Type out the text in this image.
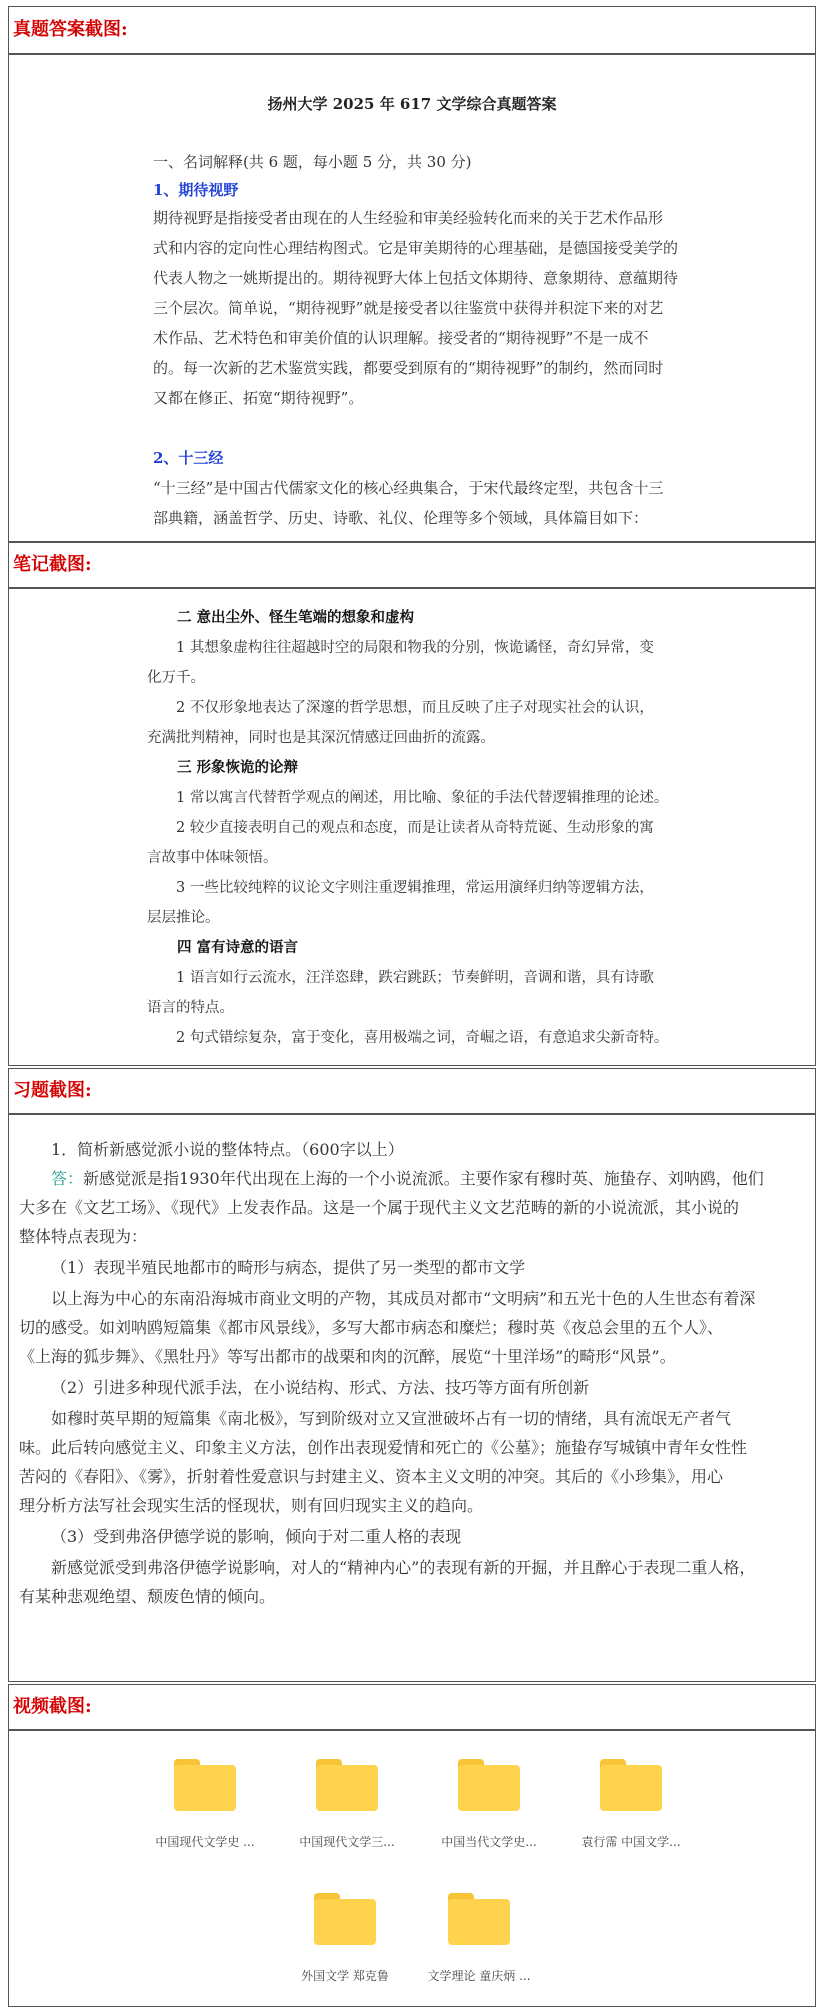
真题答案截图:
扬州大学 2025 年 617 文学综合真题答案
一、名词解释(共 6 题，每小题 5 分，共 30 分)
1、期待视野
期待视野是指接受者由现在的人生经验和审美经验转化而来的关于艺术作品形
式和内容的定向性心理结构图式。它是审美期待的心理基础，是德国接受美学的
代表人物之一姚斯提出的。期待视野大体上包括文体期待、意象期待、意蕴期待
三个层次。简单说，“期待视野”就是接受者以往鉴赏中获得并积淀下来的对艺
术作品、艺术特色和审美价值的认识理解。接受者的“期待视野”不是一成不
的。每一次新的艺术鉴赏实践，都要受到原有的“期待视野”的制约，然而同时
又都在修正、拓宽“期待视野”。
2、十三经
“十三经”是中国古代儒家文化的核心经典集合，于宋代最终定型，共包含十三
部典籍，涵盖哲学、历史、诗歌、礼仪、伦理等多个领域，具体篇目如下：
笔记截图:
二 意出尘外、怪生笔端的想象和虚构
1 其想象虚构往往超越时空的局限和物我的分别，恢诡谲怪，奇幻异常，变
化万千。
2 不仅形象地表达了深邃的哲学思想，而且反映了庄子对现实社会的认识，
充满批判精神，同时也是其深沉情感迂回曲折的流露。
三 形象恢诡的论辩
1 常以寓言代替哲学观点的阐述，用比喻、象征的手法代替逻辑推理的论述。
2 较少直接表明自己的观点和态度，而是让读者从奇特荒诞、生动形象的寓
言故事中体味领悟。
3 一些比较纯粹的议论文字则注重逻辑推理，常运用演绎归纳等逻辑方法，
层层推论。
四 富有诗意的语言
1 语言如行云流水，汪洋恣肆，跌宕跳跃；节奏鲜明，音调和谐，具有诗歌
语言的特点。
2 句式错综复杂，富于变化，喜用极端之词，奇崛之语，有意追求尖新奇特。
习题截图:
1．简析新感觉派小说的整体特点。（600字以上）
答：新感觉派是指1930年代出现在上海的一个小说流派。主要作家有穆时英、施蛰存、刘呐鸥，他们
大多在《文艺工场》、《现代》上发表作品。这是一个属于现代主义文艺范畴的新的小说流派，其小说的
整体特点表现为：
（1）表现半殖民地都市的畸形与病态，提供了另一类型的都市文学
以上海为中心的东南沿海城市商业文明的产物，其成员对都市“文明病”和五光十色的人生世态有着深
切的感受。如刘呐鸥短篇集《都市风景线》，多写大都市病态和糜烂；穆时英《夜总会里的五个人》、
《上海的狐步舞》、《黑牡丹》等写出都市的战栗和肉的沉醉，展览“十里洋场”的畸形“风景”。
（2）引进多种现代派手法，在小说结构、形式、方法、技巧等方面有所创新
如穆时英早期的短篇集《南北极》，写到阶级对立又宣泄破坏占有一切的情绪，具有流氓无产者气
味。此后转向感觉主义、印象主义方法，创作出表现爱情和死亡的《公墓》；施蛰存写城镇中青年女性性
苦闷的《春阳》、《雾》，折射着性爱意识与封建主义、资本主义文明的冲突。其后的《小珍集》，用心
理分析方法写社会现实生活的怪现状，则有回归现实主义的趋向。
（3）受到弗洛伊德学说的影响，倾向于对二重人格的表现
新感觉派受到弗洛伊德学说影响，对人的“精神内心”的表现有新的开掘，并且醉心于表现二重人格，
有某种悲观绝望、颓废色情的倾向。
视频截图:
中国现代文学史 ...	中国现代文学三...	中国当代文学史...	袁行霈 中国文学...
外国文学 郑克鲁	文学理论 童庆炳 ...
